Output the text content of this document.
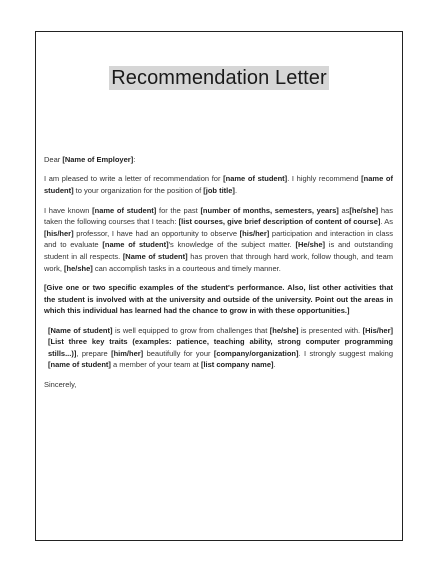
Recommendation Letter

Dear [Name of Employer]:

I am pleased to write a letter of recommendation for [name of student]. I highly recommend [name of student] to your organization for the position of [job title].

I have known [name of student] for the past [number of months, semesters, years] as[he/she] has taken the following courses that I teach: [list courses, give brief description of content of course]. As [his/her] professor, I have had an opportunity to observe [his/her] participation and interaction in class and to evaluate [name of student]'s knowledge of the subject matter. [He/she] is and outstanding student in all respects. [Name of student] has proven that through hard work, follow though, and team work, [he/she] can accomplish tasks in a courteous and timely manner.

[Give one or two specific examples of the student's performance. Also, list other activities that the student is involved with at the university and outside of the university. Point out the areas in which this individual has learned had the chance to grow in with these opportunities.]

[Name of student] is well equipped to grow from challenges that [he/she] is presented with. [His/her] [List three key traits (examples: patience, teaching ability, strong computer programming stills...)], prepare [him/her] beautifully for your [company/organization]. I strongly suggest making [name of student] a member of your team at [list company name].

Sincerely,
